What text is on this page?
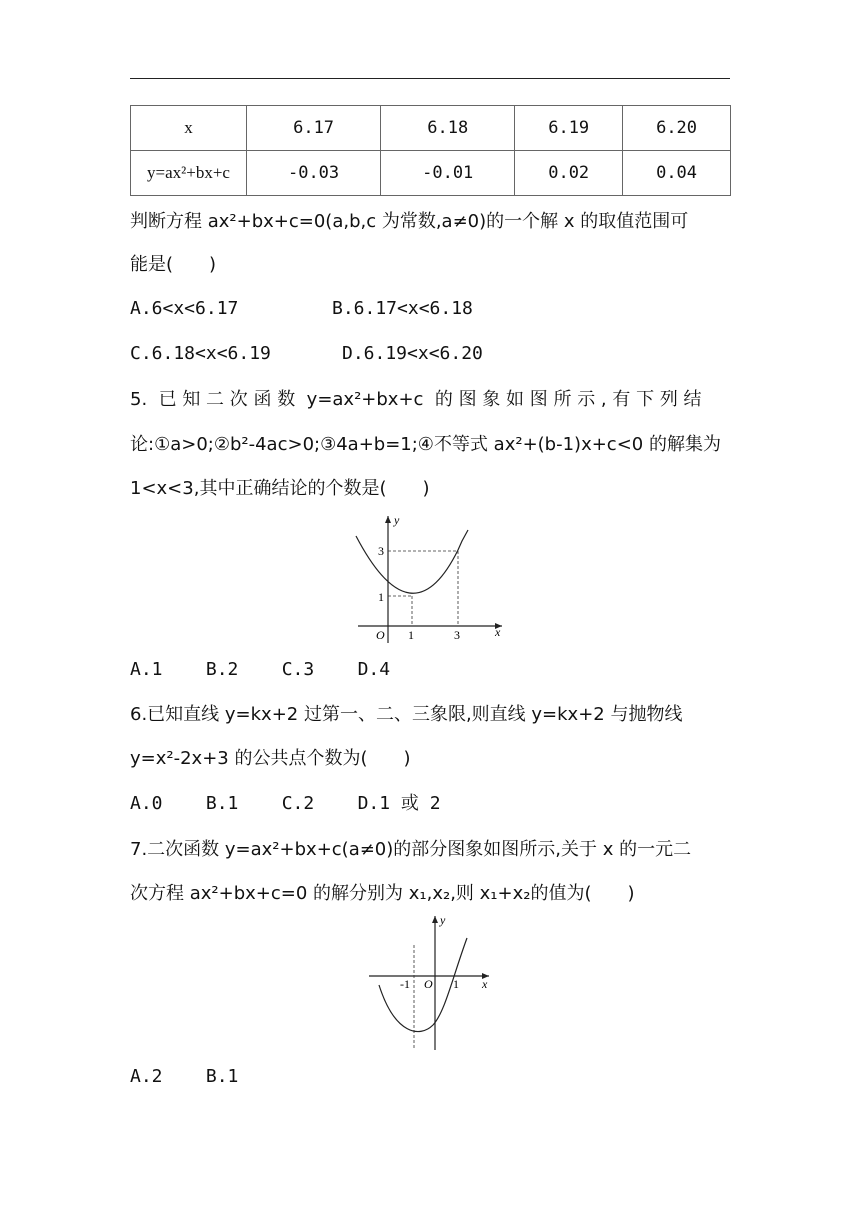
x	6.17	6.18	6.19	6.20
y=ax²+bx+c	-0.03	-0.01	0.02	0.04
判断方程 ax²+bx+c=0(a,b,c 为常数,a≠0)的一个解 x 的取值范围可
能是(　　)
A.6<x<6.17	B.6.17<x<6.18
C.6.18<x<6.19	D.6.19<x<6.20
5.  已 知 二 次 函 数  y=ax²+bx+c  的 图 象 如 图 所 示 , 有 下 列 结
论:①a>0;②b²-4ac>0;③4a+b=1;④不等式 ax²+(b-1)x+c<0 的解集为
1<x<3,其中正确结论的个数是(　　)
y
x
O 1	3
1
3
A.1    B.2    C.3    D.4
6.已知直线 y=kx+2 过第一、二、三象限,则直线 y=kx+2 与抛物线
y=x²-2x+3 的公共点个数为(　　)
A.0    B.1    C.2    D.1 或 2
7.二次函数 y=ax²+bx+c(a≠0)的部分图象如图所示,关于 x 的一元二
次方程 ax²+bx+c=0 的解分别为 x₁,x₂,则 x₁+x₂的值为(　　)
y
x
O
-1	1
A.2    B.1
